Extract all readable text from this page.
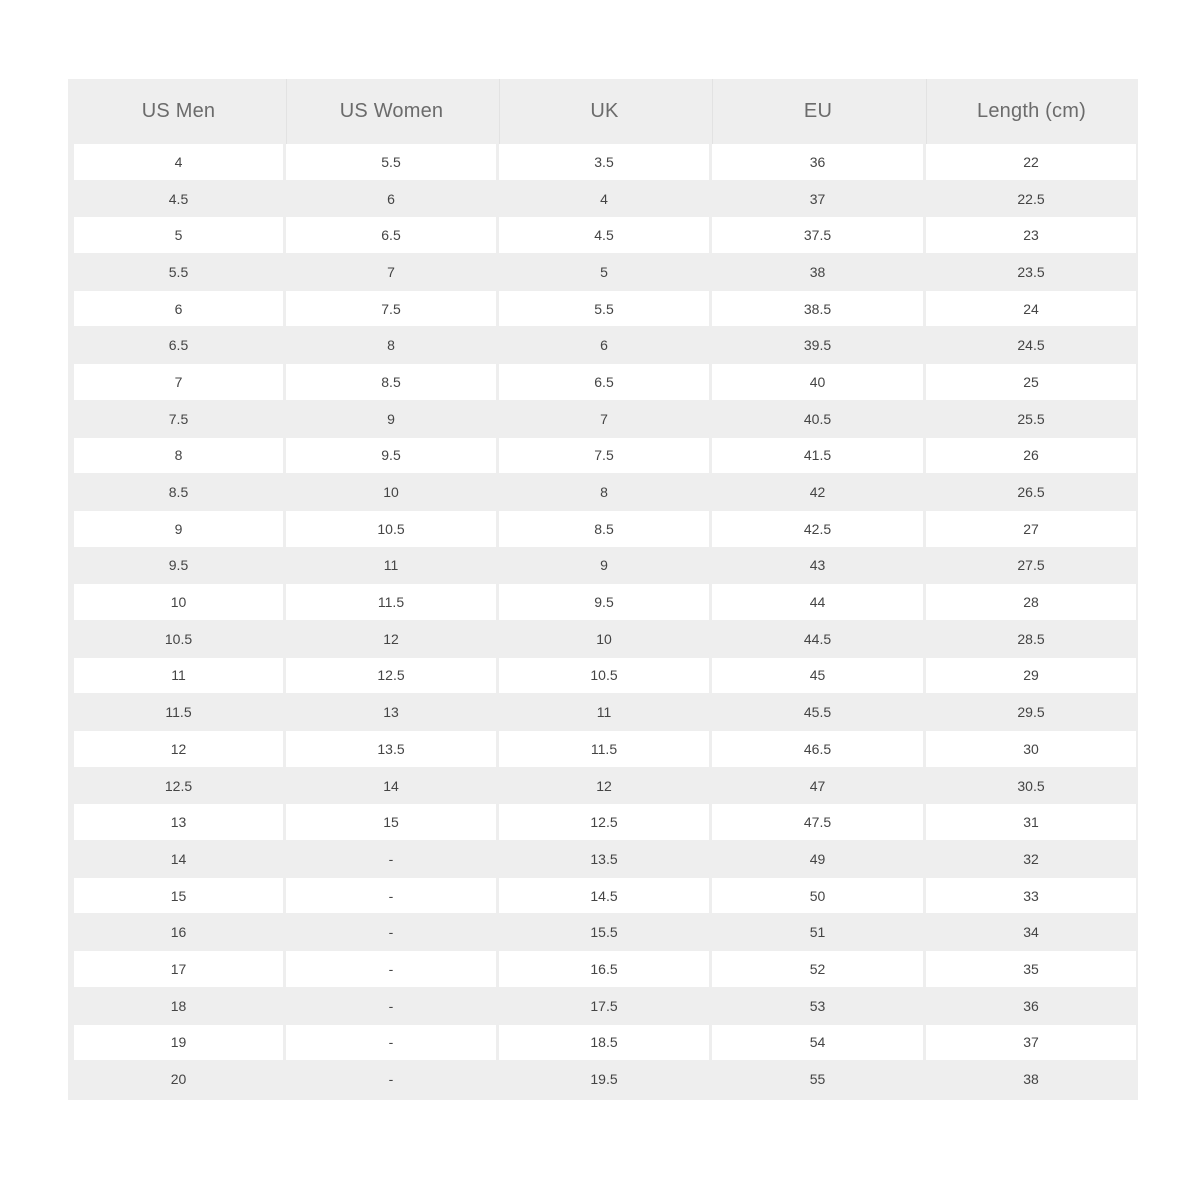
US Men	US Women	UK	EU	Length (cm)
4	5.5	3.5	36	22
4.5	6	4	37	22.5
5	6.5	4.5	37.5	23
5.5	7	5	38	23.5
6	7.5	5.5	38.5	24
6.5	8	6	39.5	24.5
7	8.5	6.5	40	25
7.5	9	7	40.5	25.5
8	9.5	7.5	41.5	26
8.5	10	8	42	26.5
9	10.5	8.5	42.5	27
9.5	11	9	43	27.5
10	11.5	9.5	44	28
10.5	12	10	44.5	28.5
11	12.5	10.5	45	29
11.5	13	11	45.5	29.5
12	13.5	11.5	46.5	30
12.5	14	12	47	30.5
13	15	12.5	47.5	31
14	-	13.5	49	32
15	-	14.5	50	33
16	-	15.5	51	34
17	-	16.5	52	35
18	-	17.5	53	36
19	-	18.5	54	37
20	-	19.5	55	38
